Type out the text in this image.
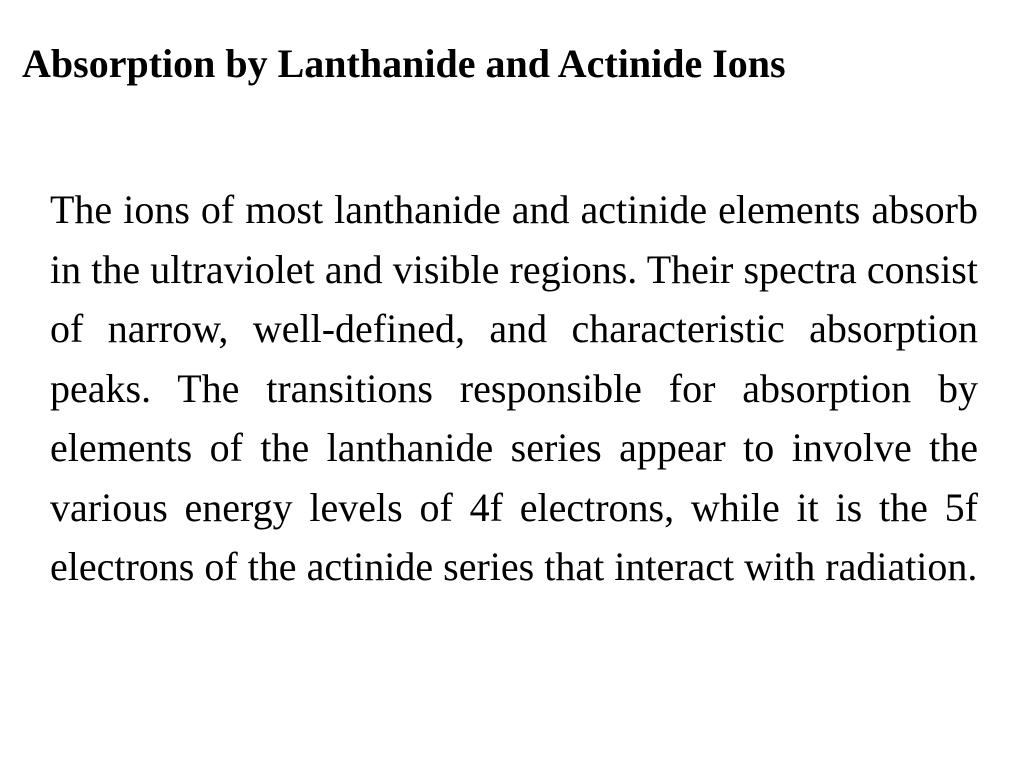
Absorption by Lanthanide and Actinide Ions

The ions of most lanthanide and actinide elements absorb in the ultraviolet and visible regions. Their spectra consist of narrow, well-defined, and characteristic absorption peaks. The transitions responsible for absorption by elements of the lanthanide series appear to involve the various energy levels of 4f electrons, while it is the 5f electrons of the actinide series that interact with radiation.
